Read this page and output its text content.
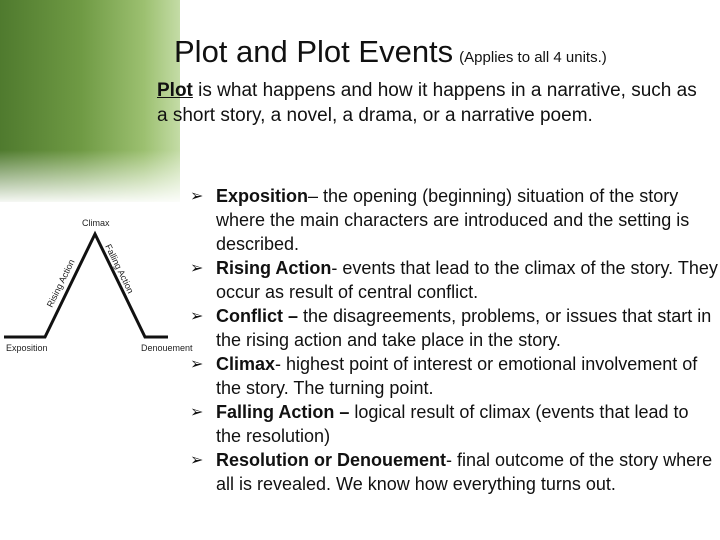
Plot and Plot Events (Applies to all 4 units.)
Plot is what happens and how it happens in a narrative, such as a short story, a novel, a drama, or a narrative poem.
Exposition	Denouement
Climax
Rising Action	Falling Action
➢ Exposition– the opening (beginning) situation of the story where the main characters are introduced and the setting is described.
➢ Rising Action- events that lead to the climax of the story. They occur as result of central conflict.
➢ Conflict – the disagreements, problems, or issues that start in the rising action and take place in the story.
➢ Climax- highest point of interest or emotional involvement of the story. The turning point.
➢ Falling Action – logical result of climax (events that lead to the resolution)
➢ Resolution or Denouement- final outcome of the story where all is revealed. We know how everything turns out.
